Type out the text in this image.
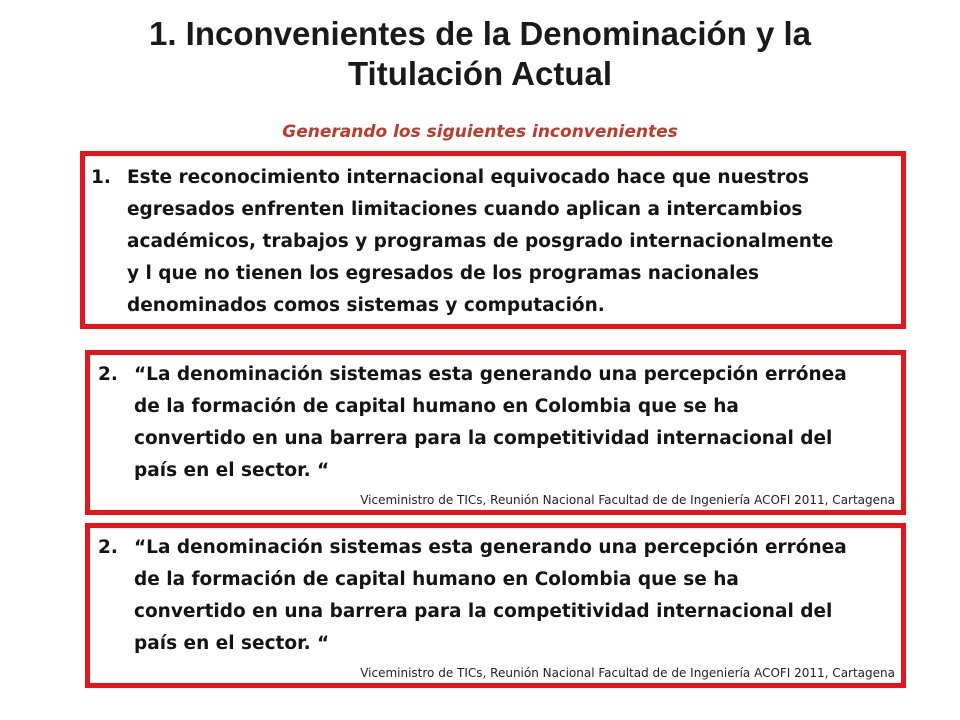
1. Inconvenientes de la Denominación y la
Titulación Actual
Generando los siguientes inconvenientes
1. Este reconocimiento internacional equivocado hace que nuestros
egresados enfrenten limitaciones cuando aplican a intercambios
académicos, trabajos y programas de posgrado internacionalmente
y l que no tienen los egresados de los programas nacionales
denominados comos sistemas y computación.
2. “La denominación sistemas esta generando una percepción errónea
de la formación de capital humano en Colombia que se ha
convertido en una barrera para la competitividad internacional del
país en el sector. “
Viceministro de TICs, Reunión Nacional Facultad de de Ingeniería ACOFI 2011, Cartagena
2. “La denominación sistemas esta generando una percepción errónea
de la formación de capital humano en Colombia que se ha
convertido en una barrera para la competitividad internacional del
país en el sector. “
Viceministro de TICs, Reunión Nacional Facultad de de Ingeniería ACOFI 2011, Cartagena
